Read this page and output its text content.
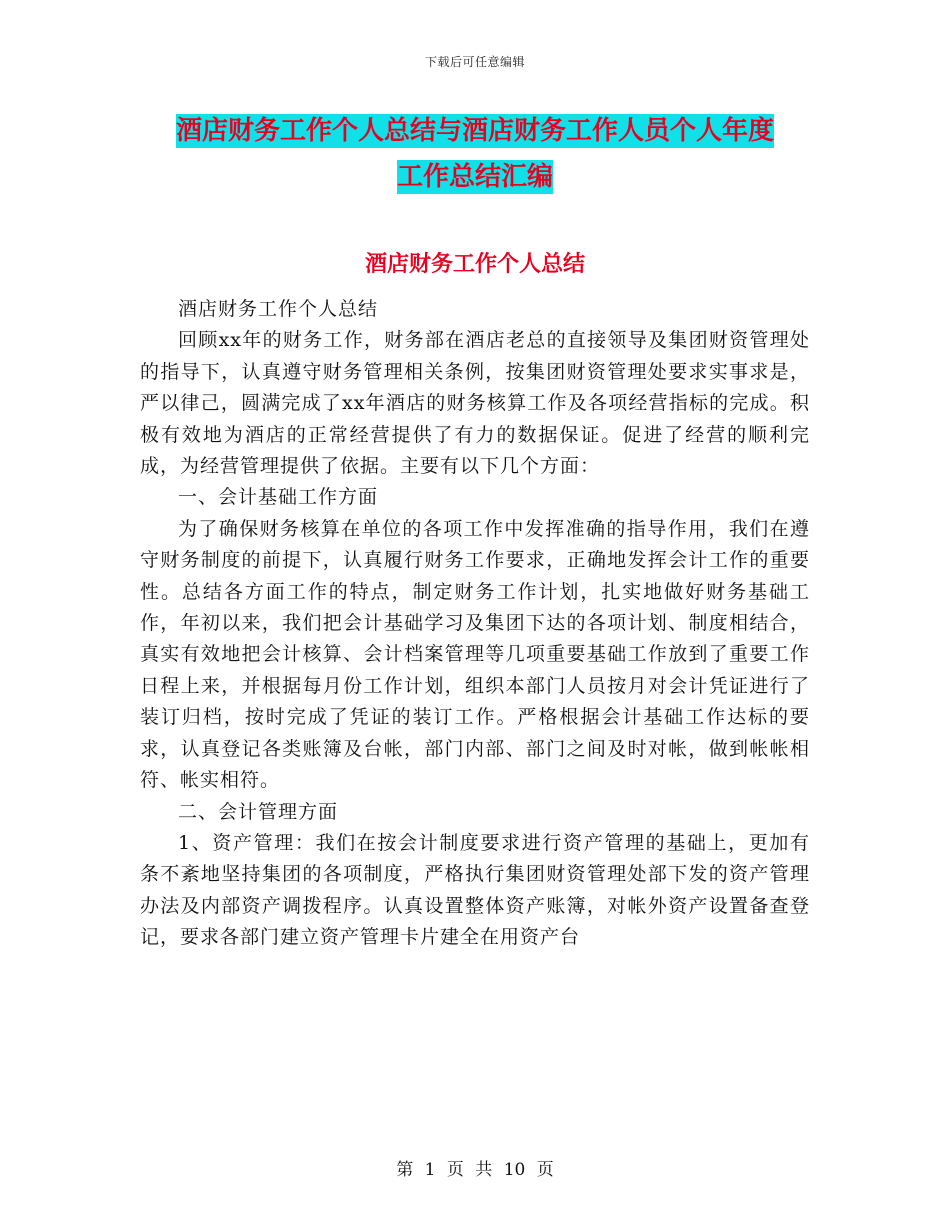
下载后可任意编辑
酒店财务工作个人总结与酒店财务工作人员个人年度
工作总结汇编
酒店财务工作个人总结

酒店财务工作个人总结

回顾xx年的财务工作，财务部在酒店老总的直接领导及集团财资管理处的指导下，认真遵守财务管理相关条例，按集团财资管理处要求实事求是，严以律己，圆满完成了xx年酒店的财务核算工作及各项经营指标的完成。积极有效地为酒店的正常经营提供了有力的数据保证。促进了经营的顺利完成，为经营管理提供了依据。主要有以下几个方面：

一、会计基础工作方面

为了确保财务核算在单位的各项工作中发挥准确的指导作用，我们在遵守财务制度的前提下，认真履行财务工作要求，正确地发挥会计工作的重要性。总结各方面工作的特点，制定财务工作计划，扎实地做好财务基础工作，年初以来，我们把会计基础学习及集团下达的各项计划、制度相结合，真实有效地把会计核算、会计档案管理等几项重要基础工作放到了重要工作日程上来，并根据每月份工作计划，组织本部门人员按月对会计凭证进行了装订归档，按时完成了凭证的装订工作。严格根据会计基础工作达标的要求，认真登记各类账簿及台帐，部门内部、部门之间及时对帐，做到帐帐相符、帐实相符。

二、会计管理方面

1、资产管理：我们在按会计制度要求进行资产管理的基础上，更加有条不紊地坚持集团的各项制度，严格执行集团财资管理处部下发的资产管理办法及内部资产调拨程序。认真设置整体资产账簿，对帐外资产设置备查登记，要求各部门建立资产管理卡片建全在用资产台

第 1 页 共 10 页
